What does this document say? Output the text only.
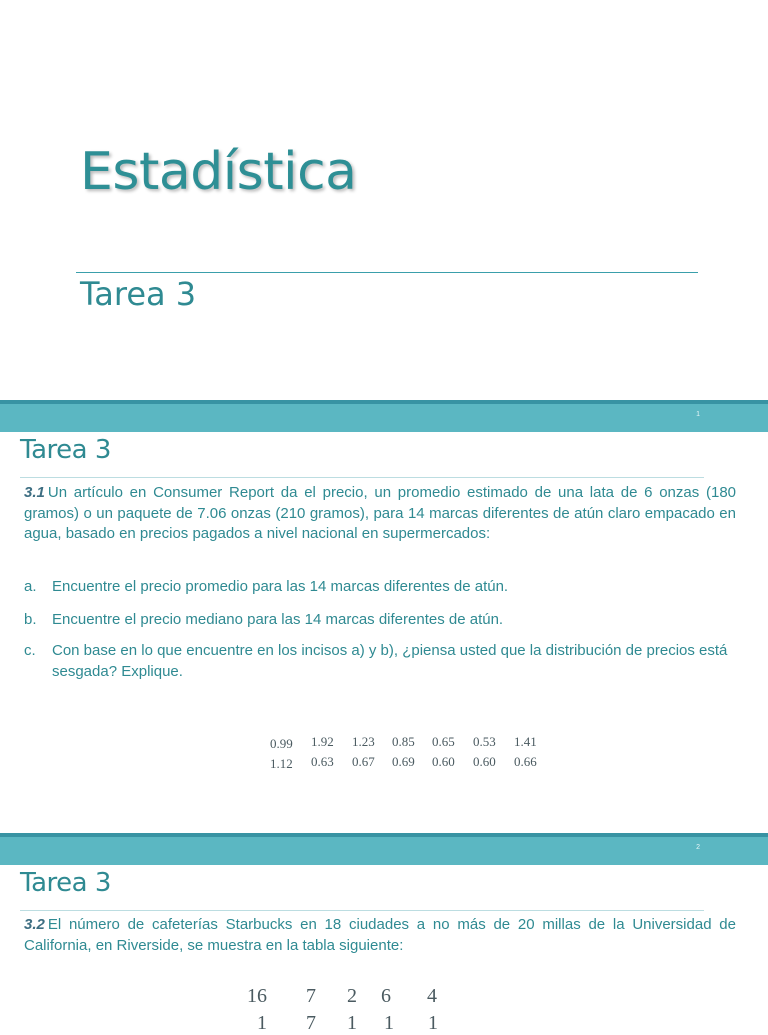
Estadística
Tarea 3
1
Tarea 3

3.1 Un artículo en Consumer Report da el precio, un promedio estimado de una lata de 6 onzas (180 gramos) o un paquete de 7.06 onzas (210 gramos), para 14 marcas diferentes de atún claro empacado en agua, basado en precios pagados a nivel nacional en supermercados:

a. Encuentre el precio promedio para las 14 marcas diferentes de atún.
b. Encuentre el precio mediano para las 14 marcas diferentes de atún.
c. Con base en lo que encuentre en los incisos a) y b), ¿piensa usted que la distribución de precios está sesgada? Explique.
0.99 1.92 1.23 0.85 0.65 0.53 1.41
1.12 0.63 0.67 0.69 0.60 0.60 0.66
2
Tarea 3

3.2 El número de cafeterías Starbucks en 18 ciudades a no más de 20 millas de la Universidad de California, en Riverside, se muestra en la tabla siguiente:

16 7 2 6 4
1 7 1 1 1
